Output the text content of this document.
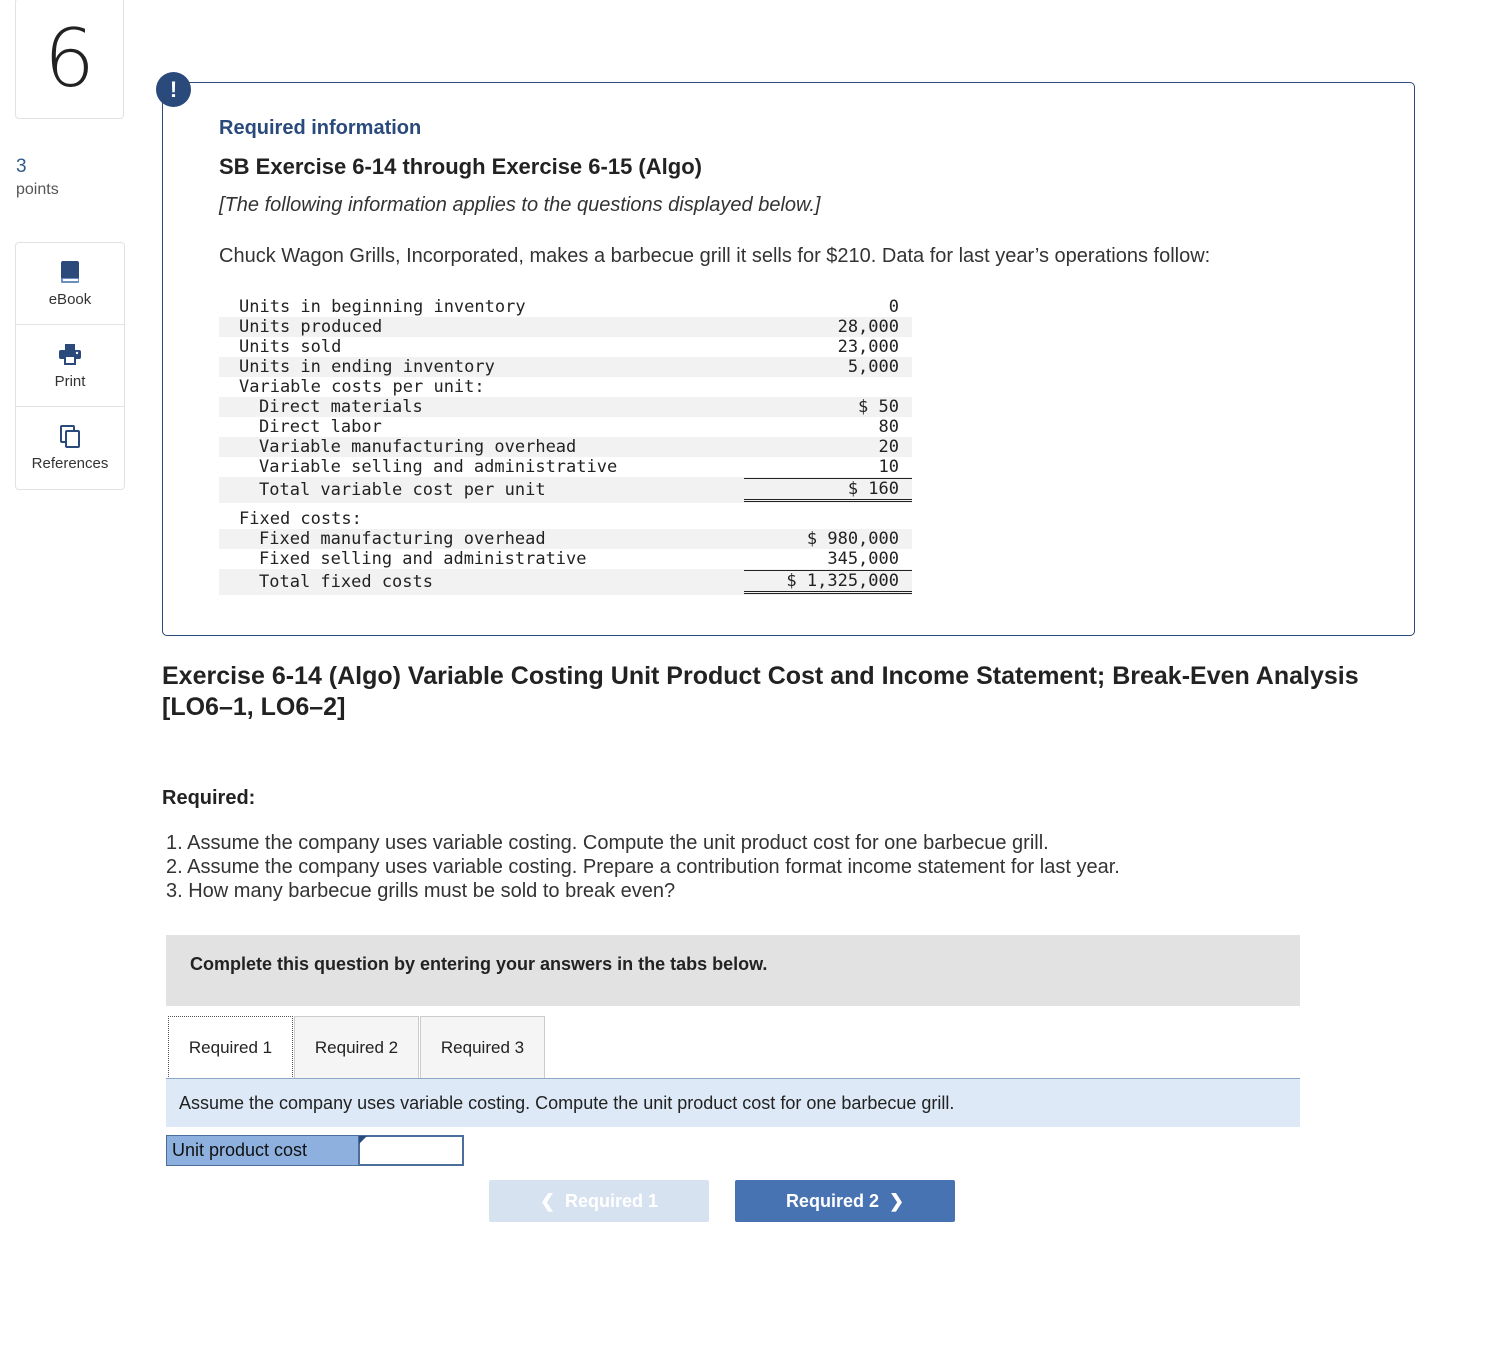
6
3
points
eBook
Print
References
!
Required information
SB Exercise 6-14 through Exercise 6-15 (Algo)
[The following information applies to the questions displayed below.]
Chuck Wagon Grills, Incorporated, makes a barbecue grill it sells for $210. Data for last year’s operations follow:
Units in beginning inventory	0
Units produced	28,000
Units sold	23,000
Units in ending inventory	5,000
Variable costs per unit:
Direct materials	$ 50
Direct labor	80
Variable manufacturing overhead	20
Variable selling and administrative	10
Total variable cost per unit	$ 160
Fixed costs:
Fixed manufacturing overhead	$ 980,000
Fixed selling and administrative	345,000
Total fixed costs	$ 1,325,000
Exercise 6-14 (Algo) Variable Costing Unit Product Cost and Income Statement; Break-Even Analysis [LO6–1, LO6–2]
Required:
1. Assume the company uses variable costing. Compute the unit product cost for one barbecue grill.
2. Assume the company uses variable costing. Prepare a contribution format income statement for last year.
3. How many barbecue grills must be sold to break even?
Complete this question by entering your answers in the tabs below.
Required 1	Required 2	Required 3
Assume the company uses variable costing. Compute the unit product cost for one barbecue grill.
Unit product cost
❮ Required 1	Required 2 ❯
